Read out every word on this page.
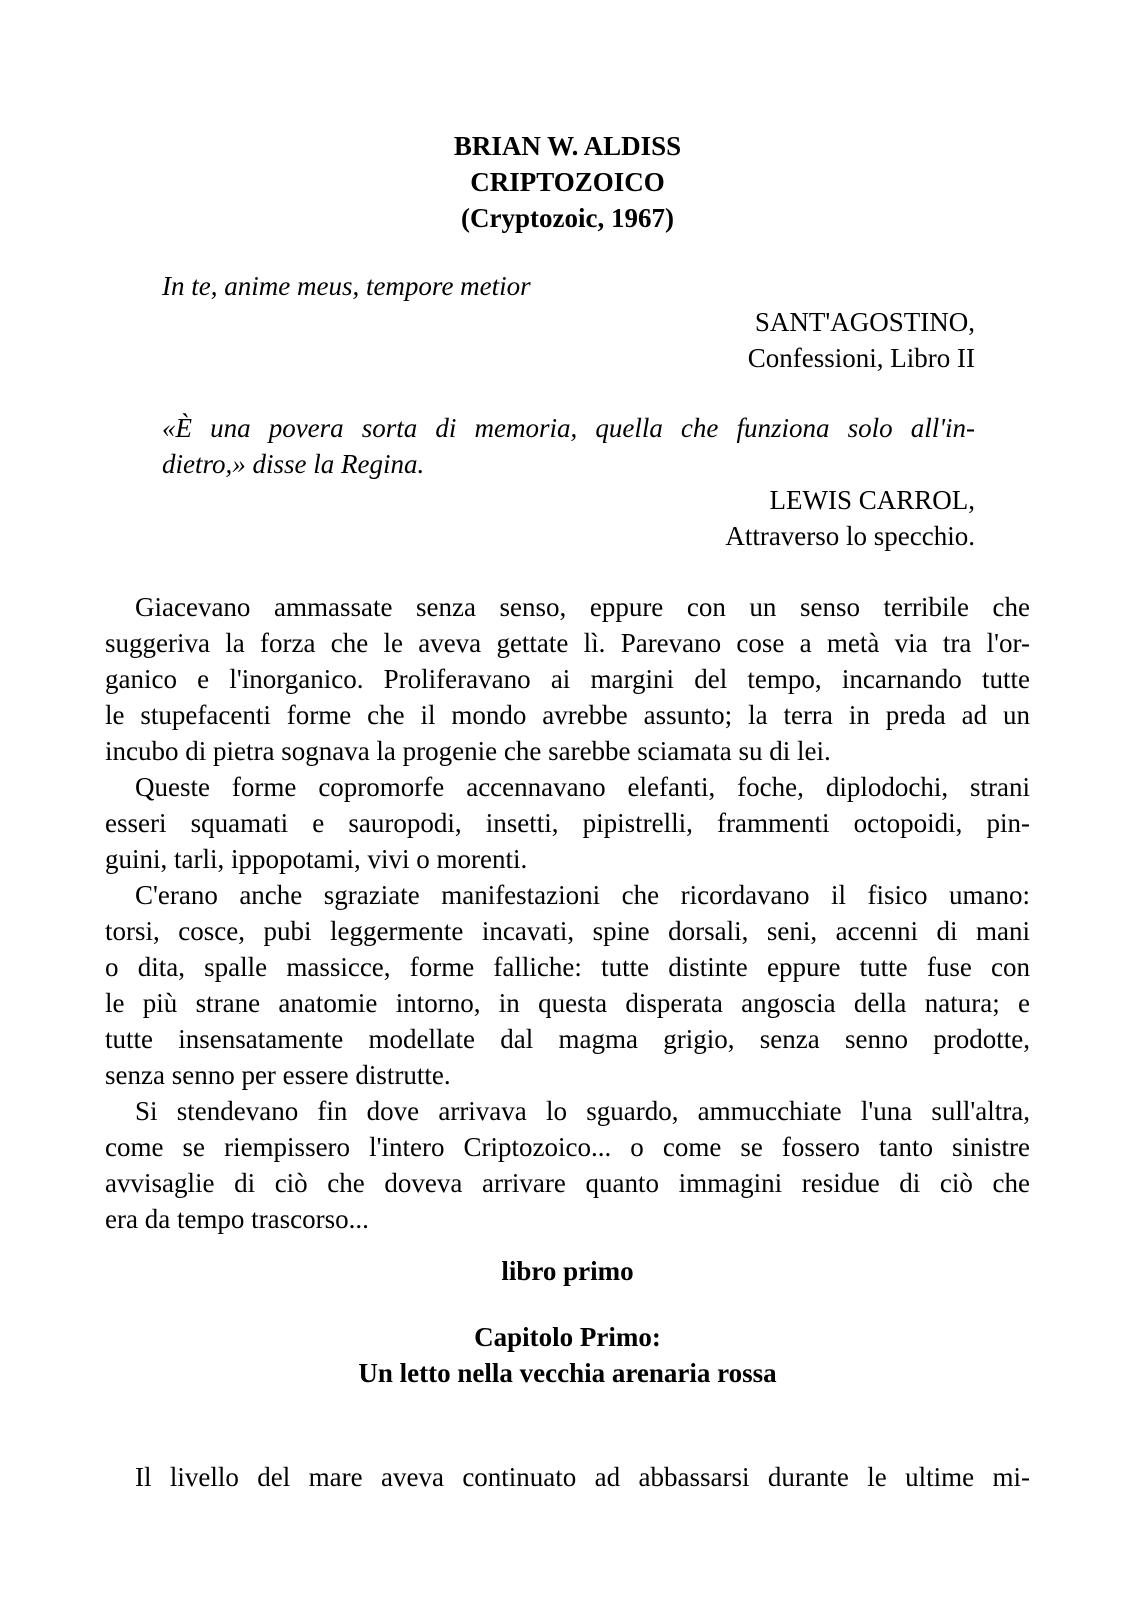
BRIAN W. ALDISS
CRIPTOZOICO
(Cryptozoic, 1967)
In te, anime meus, tempore metior
SANT'AGOSTINO,
Confessioni, Libro II
«È una povera sorta di memoria, quella che funziona solo all'in-
dietro,» disse la Regina.
LEWIS CARROL,
Attraverso lo specchio.
Giacevano ammassate senza senso, eppure con un senso terribile che
suggeriva la forza che le aveva gettate lì. Parevano cose a metà via tra l'or-
ganico e l'inorganico. Proliferavano ai margini del tempo, incarnando tutte
le stupefacenti forme che il mondo avrebbe assunto; la terra in preda ad un
incubo di pietra sognava la progenie che sarebbe sciamata su di lei.
Queste forme copromorfe accennavano elefanti, foche, diplodochi, strani
esseri squamati e sauropodi, insetti, pipistrelli, frammenti octopoidi, pin-
guini, tarli, ippopotami, vivi o morenti.
C'erano anche sgraziate manifestazioni che ricordavano il fisico umano:
torsi, cosce, pubi leggermente incavati, spine dorsali, seni, accenni di mani
o dita, spalle massicce, forme falliche: tutte distinte eppure tutte fuse con
le più strane anatomie intorno, in questa disperata angoscia della natura; e
tutte insensatamente modellate dal magma grigio, senza senno prodotte,
senza senno per essere distrutte.
Si stendevano fin dove arrivava lo sguardo, ammucchiate l'una sull'altra,
come se riempissero l'intero Criptozoico... o come se fossero tanto sinistre
avvisaglie di ciò che doveva arrivare quanto immagini residue di ciò che
era da tempo trascorso...
libro primo
Capitolo Primo:
Un letto nella vecchia arenaria rossa
Il livello del mare aveva continuato ad abbassarsi durante le ultime mi-
